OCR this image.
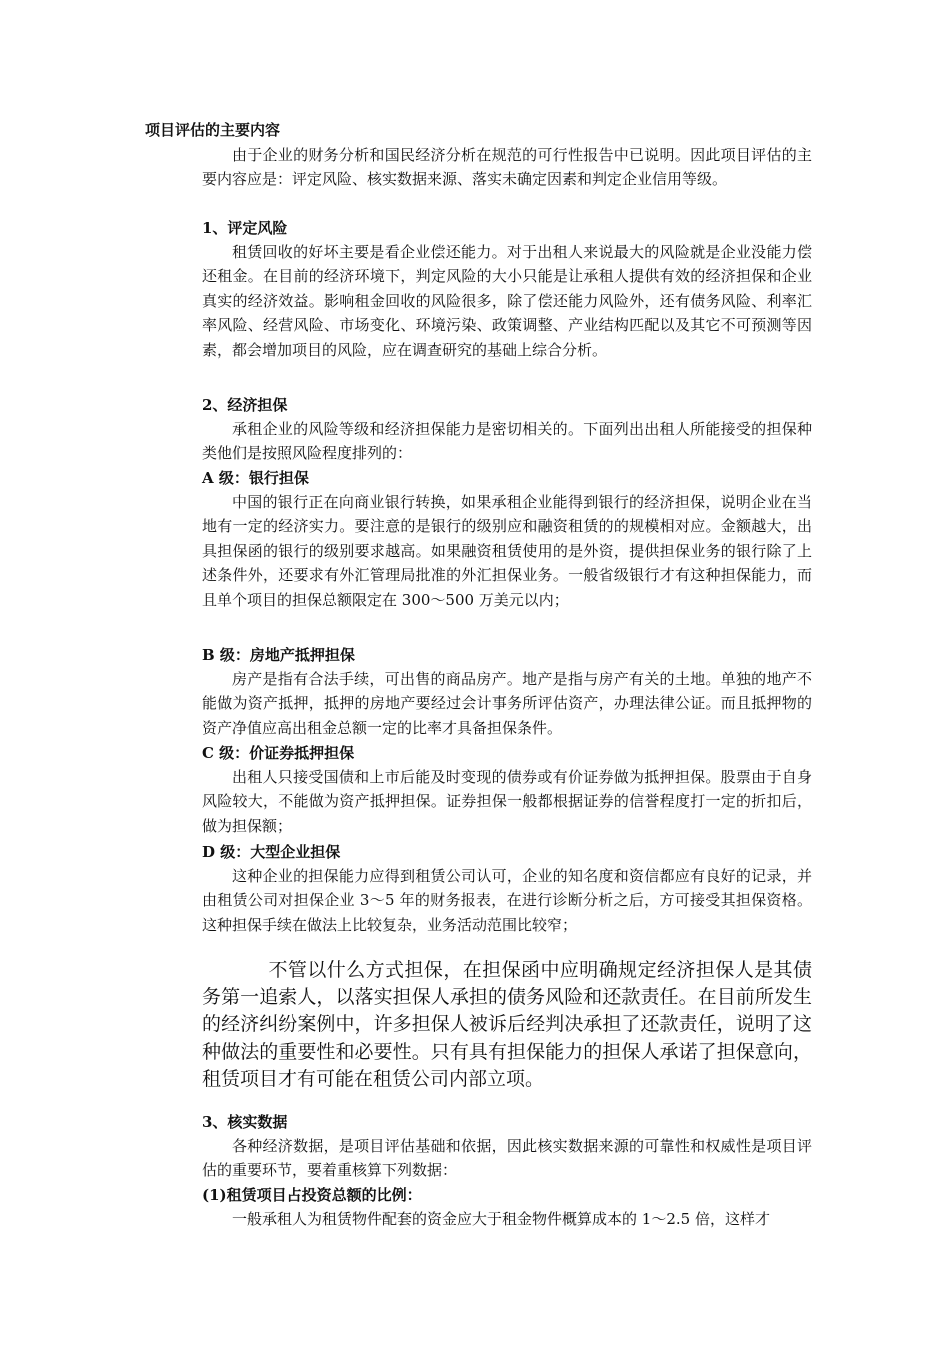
项目评估的主要内容

由于企业的财务分析和国民经济分析在规范的可行性报告中已说明。因此项目评估的主要内容应是：评定风险、核实数据来源、落实未确定因素和判定企业信用等级。

1、评定风险

租赁回收的好坏主要是看企业偿还能力。对于出租人来说最大的风险就是企业没能力偿还租金。在目前的经济环境下，判定风险的大小只能是让承租人提供有效的经济担保和企业真实的经济效益。影响租金回收的风险很多，除了偿还能力风险外，还有债务风险、利率汇率风险、经营风险、市场变化、环境污染、政策调整、产业结构匹配以及其它不可预测等因素，都会增加项目的风险，应在调查研究的基础上综合分析。

2、经济担保

承租企业的风险等级和经济担保能力是密切相关的。下面列出出租人所能接受的担保种类他们是按照风险程度排列的：

A 级：银行担保

中国的银行正在向商业银行转换，如果承租企业能得到银行的经济担保，说明企业在当地有一定的经济实力。要注意的是银行的级别应和融资租赁的的规模相对应。金额越大，出具担保函的银行的级别要求越高。如果融资租赁使用的是外资，提供担保业务的银行除了上述条件外，还要求有外汇管理局批准的外汇担保业务。一般省级银行才有这种担保能力，而且单个项目的担保总额限定在 300～500 万美元以内；

B 级：房地产抵押担保

房产是指有合法手续，可出售的商品房产。地产是指与房产有关的土地。单独的地产不能做为资产抵押，抵押的房地产要经过会计事务所评估资产，办理法律公证。而且抵押物的资产净值应高出租金总额一定的比率才具备担保条件。

C 级：价证券抵押担保

出租人只接受国债和上市后能及时变现的债券或有价证券做为抵押担保。股票由于自身风险较大，不能做为资产抵押担保。证券担保一般都根据证券的信誉程度打一定的折扣后，做为担保额；

D 级：大型企业担保

这种企业的担保能力应得到租赁公司认可，企业的知名度和资信都应有良好的记录，并由租赁公司对担保企业 3～5 年的财务报表，在进行诊断分析之后，方可接受其担保资格。这种担保手续在做法上比较复杂，业务活动范围比较窄；

不管以什么方式担保，在担保函中应明确规定经济担保人是其债务第一追索人，以落实担保人承担的债务风险和还款责任。在目前所发生的经济纠纷案例中，许多担保人被诉后经判决承担了还款责任，说明了这种做法的重要性和必要性。只有具有担保能力的担保人承诺了担保意向，租赁项目才有可能在租赁公司内部立项。

3、核实数据

各种经济数据，是项目评估基础和依据，因此核实数据来源的可靠性和权威性是项目评估的重要环节，要着重核算下列数据：

(1)租赁项目占投资总额的比例：

一般承租人为租赁物件配套的资金应大于租金物件概算成本的 1～2.5 倍，这样才
